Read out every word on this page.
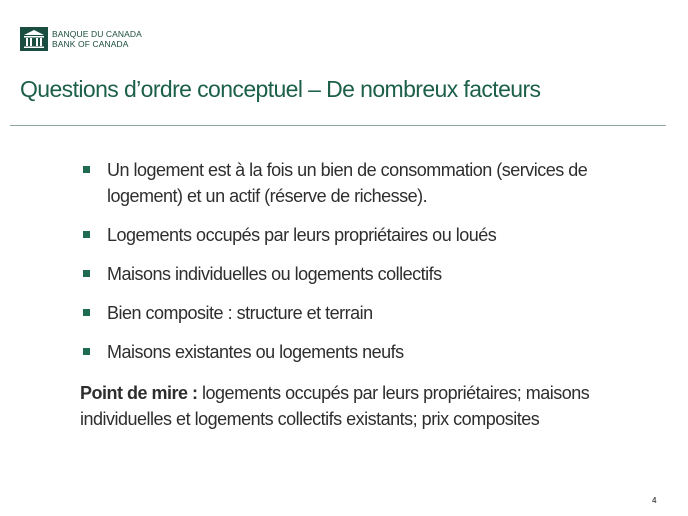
BANQUE DU CANADA
BANK OF CANADA
Questions d’ordre conceptuel – De nombreux facteurs
Un logement est à la fois un bien de consommation (services de logement) et un actif (réserve de richesse).
Logements occupés par leurs propriétaires ou loués
Maisons individuelles ou logements collectifs
Bien composite : structure et terrain
Maisons existantes ou logements neufs

Point de mire : logements occupés par leurs propriétaires; maisons individuelles et logements collectifs existants; prix composites

4
